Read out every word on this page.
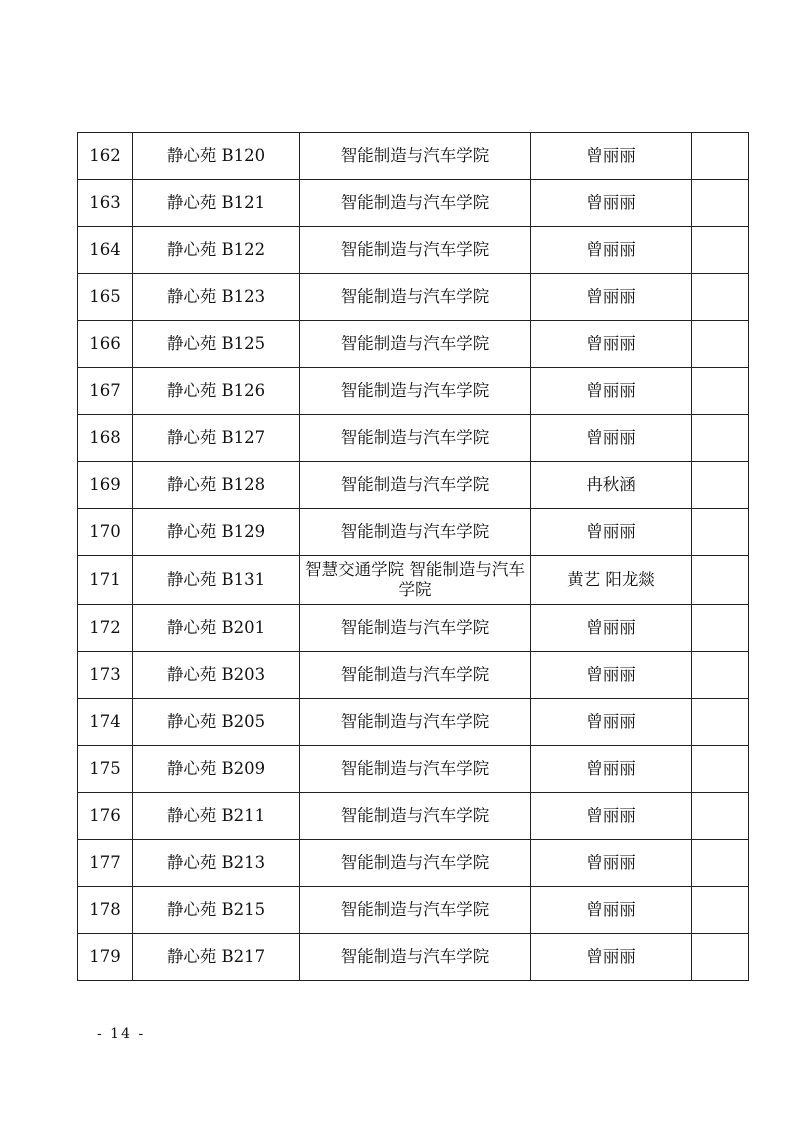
162	静心苑 B120	智能制造与汽车学院	曾丽丽	
163	静心苑 B121	智能制造与汽车学院	曾丽丽	
164	静心苑 B122	智能制造与汽车学院	曾丽丽	
165	静心苑 B123	智能制造与汽车学院	曾丽丽	
166	静心苑 B125	智能制造与汽车学院	曾丽丽	
167	静心苑 B126	智能制造与汽车学院	曾丽丽	
168	静心苑 B127	智能制造与汽车学院	曾丽丽	
169	静心苑 B128	智能制造与汽车学院	冉秋涵	
170	静心苑 B129	智能制造与汽车学院	曾丽丽	
171	静心苑 B131	智慧交通学院 智能制造与汽车学院	黄艺 阳龙燚	
172	静心苑 B201	智能制造与汽车学院	曾丽丽	
173	静心苑 B203	智能制造与汽车学院	曾丽丽	
174	静心苑 B205	智能制造与汽车学院	曾丽丽	
175	静心苑 B209	智能制造与汽车学院	曾丽丽	
176	静心苑 B211	智能制造与汽车学院	曾丽丽	
177	静心苑 B213	智能制造与汽车学院	曾丽丽	
178	静心苑 B215	智能制造与汽车学院	曾丽丽	
179	静心苑 B217	智能制造与汽车学院	曾丽丽	
- 14 -
